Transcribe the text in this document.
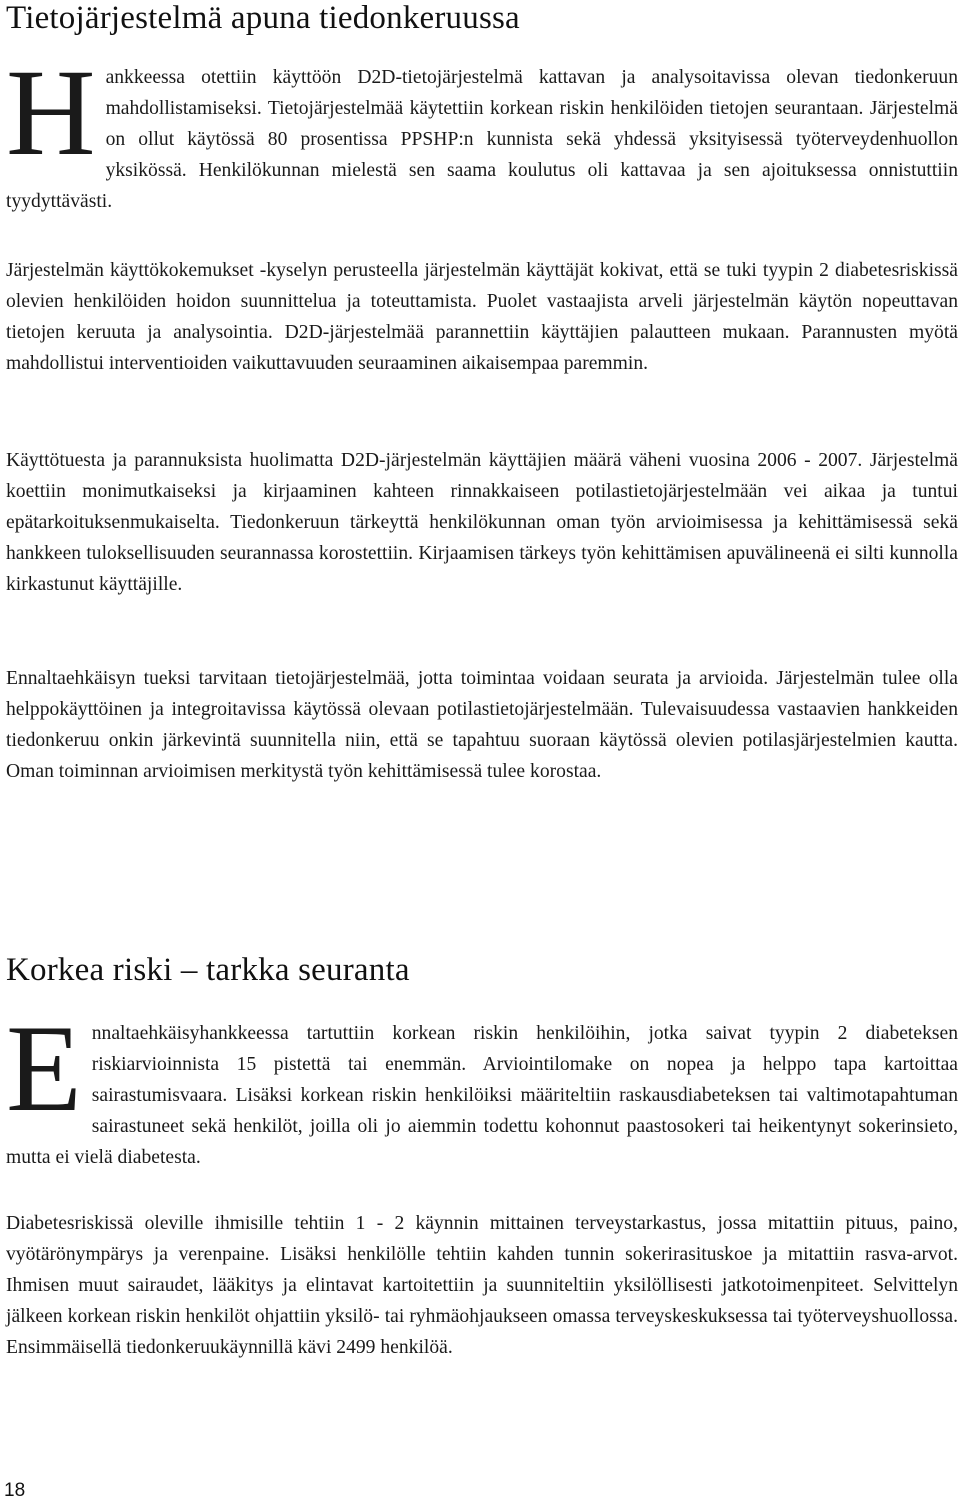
Tietojärjestelmä apuna tiedonkeruussa

Hankkeessa otettiin käyttöön D2D-tietojärjestelmä kattavan ja analysoitavissa olevan tiedonkeruun mahdollistamiseksi. Tietojärjestelmää käytettiin korkean riskin henkilöiden tietojen seurantaan. Järjestelmä on ollut käytössä 80 prosentissa PPSHP:n kunnista sekä yhdessä yksityisessä työterveydenhuollon yksikössä. Henkilökunnan mielestä sen saama koulutus oli kattavaa ja sen ajoituksessa onnistuttiin tyydyttävästi.

Järjestelmän käyttökokemukset -kyselyn perusteella järjestelmän käyttäjät kokivat, että se tuki tyypin 2 diabetesriskissä olevien henkilöiden hoidon suunnittelua ja toteuttamista. Puolet vastaajista arveli järjestelmän käytön nopeuttavan tietojen keruuta ja analysointia. D2D-järjestelmää parannettiin käyttäjien palautteen mukaan. Parannusten myötä mahdollistui interventioiden vaikuttavuuden seuraaminen aikaisempaa paremmin.

Käyttötuesta ja parannuksista huolimatta D2D-järjestelmän käyttäjien määrä väheni vuosina 2006 - 2007. Järjestelmä koettiin monimutkaiseksi ja kirjaaminen kahteen rinnakkaiseen potilastietojärjestelmään vei aikaa ja tuntui epätarkoituksenmukaiselta. Tiedonkeruun tärkeyttä henkilökunnan oman työn arvioimisessa ja kehittämisessä sekä hankkeen tuloksellisuuden seurannassa korostettiin. Kirjaamisen tärkeys työn kehittämisen apuvälineenä ei silti kunnolla kirkastunut käyttäjille.

Ennaltaehkäisyn tueksi tarvitaan tietojärjestelmää, jotta toimintaa voidaan seurata ja arvioida. Järjestelmän tulee olla helppokäyttöinen ja integroitavissa käytössä olevaan potilastietojärjestelmään. Tulevaisuudessa vastaavien hankkeiden tiedonkeruu onkin järkevintä suunnitella niin, että se tapahtuu suoraan käytössä olevien potilasjärjestelmien kautta. Oman toiminnan arvioimisen merkitystä työn kehittämisessä tulee korostaa.

Korkea riski – tarkka seuranta

Ennaltaehkäisyhankkeessa tartuttiin korkean riskin henkilöihin, jotka saivat tyypin 2 diabeteksen riskiarvioinnista 15 pistettä tai enemmän. Arviointilomake on nopea ja helppo tapa kartoittaa sairastumisvaara. Lisäksi korkean riskin henkilöiksi määriteltiin raskausdiabeteksen tai valtimotapahtuman sairastuneet sekä henkilöt, joilla oli jo aiemmin todettu kohonnut paastosokeri tai heikentynyt sokerinsieto, mutta ei vielä diabetesta.

Diabetesriskissä oleville ihmisille tehtiin 1 - 2 käynnin mittainen terveystarkastus, jossa mitattiin pituus, paino, vyötärönympärys ja verenpaine. Lisäksi henkilölle tehtiin kahden tunnin sokerirasituskoe ja mitattiin rasva-arvot. Ihmisen muut sairaudet, lääkitys ja elintavat kartoitettiin ja suunniteltiin yksilöllisesti jatkotoimenpiteet. Selvittelyn jälkeen korkean riskin henkilöt ohjattiin yksilö- tai ryhmäohjaukseen omassa terveyskeskuksessa tai työterveyshuollossa. Ensimmäisellä tiedonkeruukäynnillä kävi 2499 henkilöä.

18
